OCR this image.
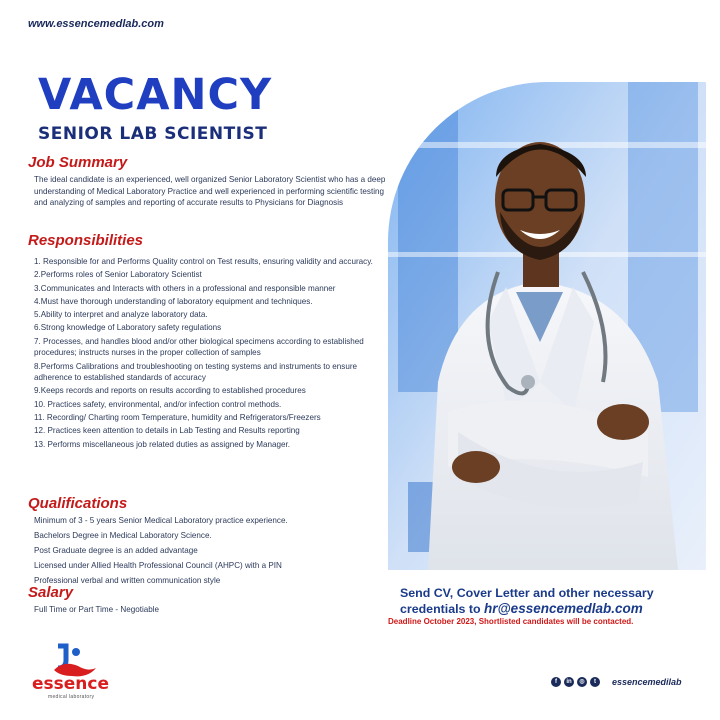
www.essencemedlab.com
VACANCY
SENIOR LAB SCIENTIST
Job Summary

The ideal candidate is an experienced, well organized Senior Laboratory Scientist who has a deep understanding of Medical Laboratory Practice and well experienced in performing scientific testing and analyzing of samples and reporting of accurate results to Physicians for Diagnosis

Responsibilities
1. Responsible for and Performs Quality control on Test results, ensuring validity and accuracy.
2.Performs roles of Senior Laboratory Scientist
3.Communicates and Interacts with others in a professional and responsible manner
4.Must have thorough understanding of laboratory equipment and techniques.
5.Ability to interpret and analyze laboratory data.
6.Strong knowledge of Laboratory safety regulations
7. Processes, and handles blood and/or other biological specimens according to established procedures; instructs nurses in the proper collection of samples
8.Performs Calibrations and troubleshooting on testing systems and instruments to ensure adherence to established standards of accuracy
9.Keeps records and reports on results according to established procedures
10. Practices safety, environmental, and/or infection control methods.
11. Recording/ Charting room Temperature, humidity and Refrigerators/Freezers
12. Practices keen attention to details in Lab Testing and Results reporting
13. Performs miscellaneous job related duties as assigned by Manager.
Qualifications
Minimum of 3 - 5 years Senior Medical Laboratory practice experience.
Bachelors Degree in Medical Laboratory Science.
Post Graduate degree is an added advantage
Licensed under Allied Health Professional Council (AHPC) with a PIN
Professional verbal and written communication style
Salary

Full Time or Part Time - Negotiable

Send CV, Cover Letter and other necessary
credentials to hr@essencemedlab.com
Deadline October 2023, Shortlisted candidates will be contacted.
essence
medical laboratory
f	in	◎	t	essencemedilab
